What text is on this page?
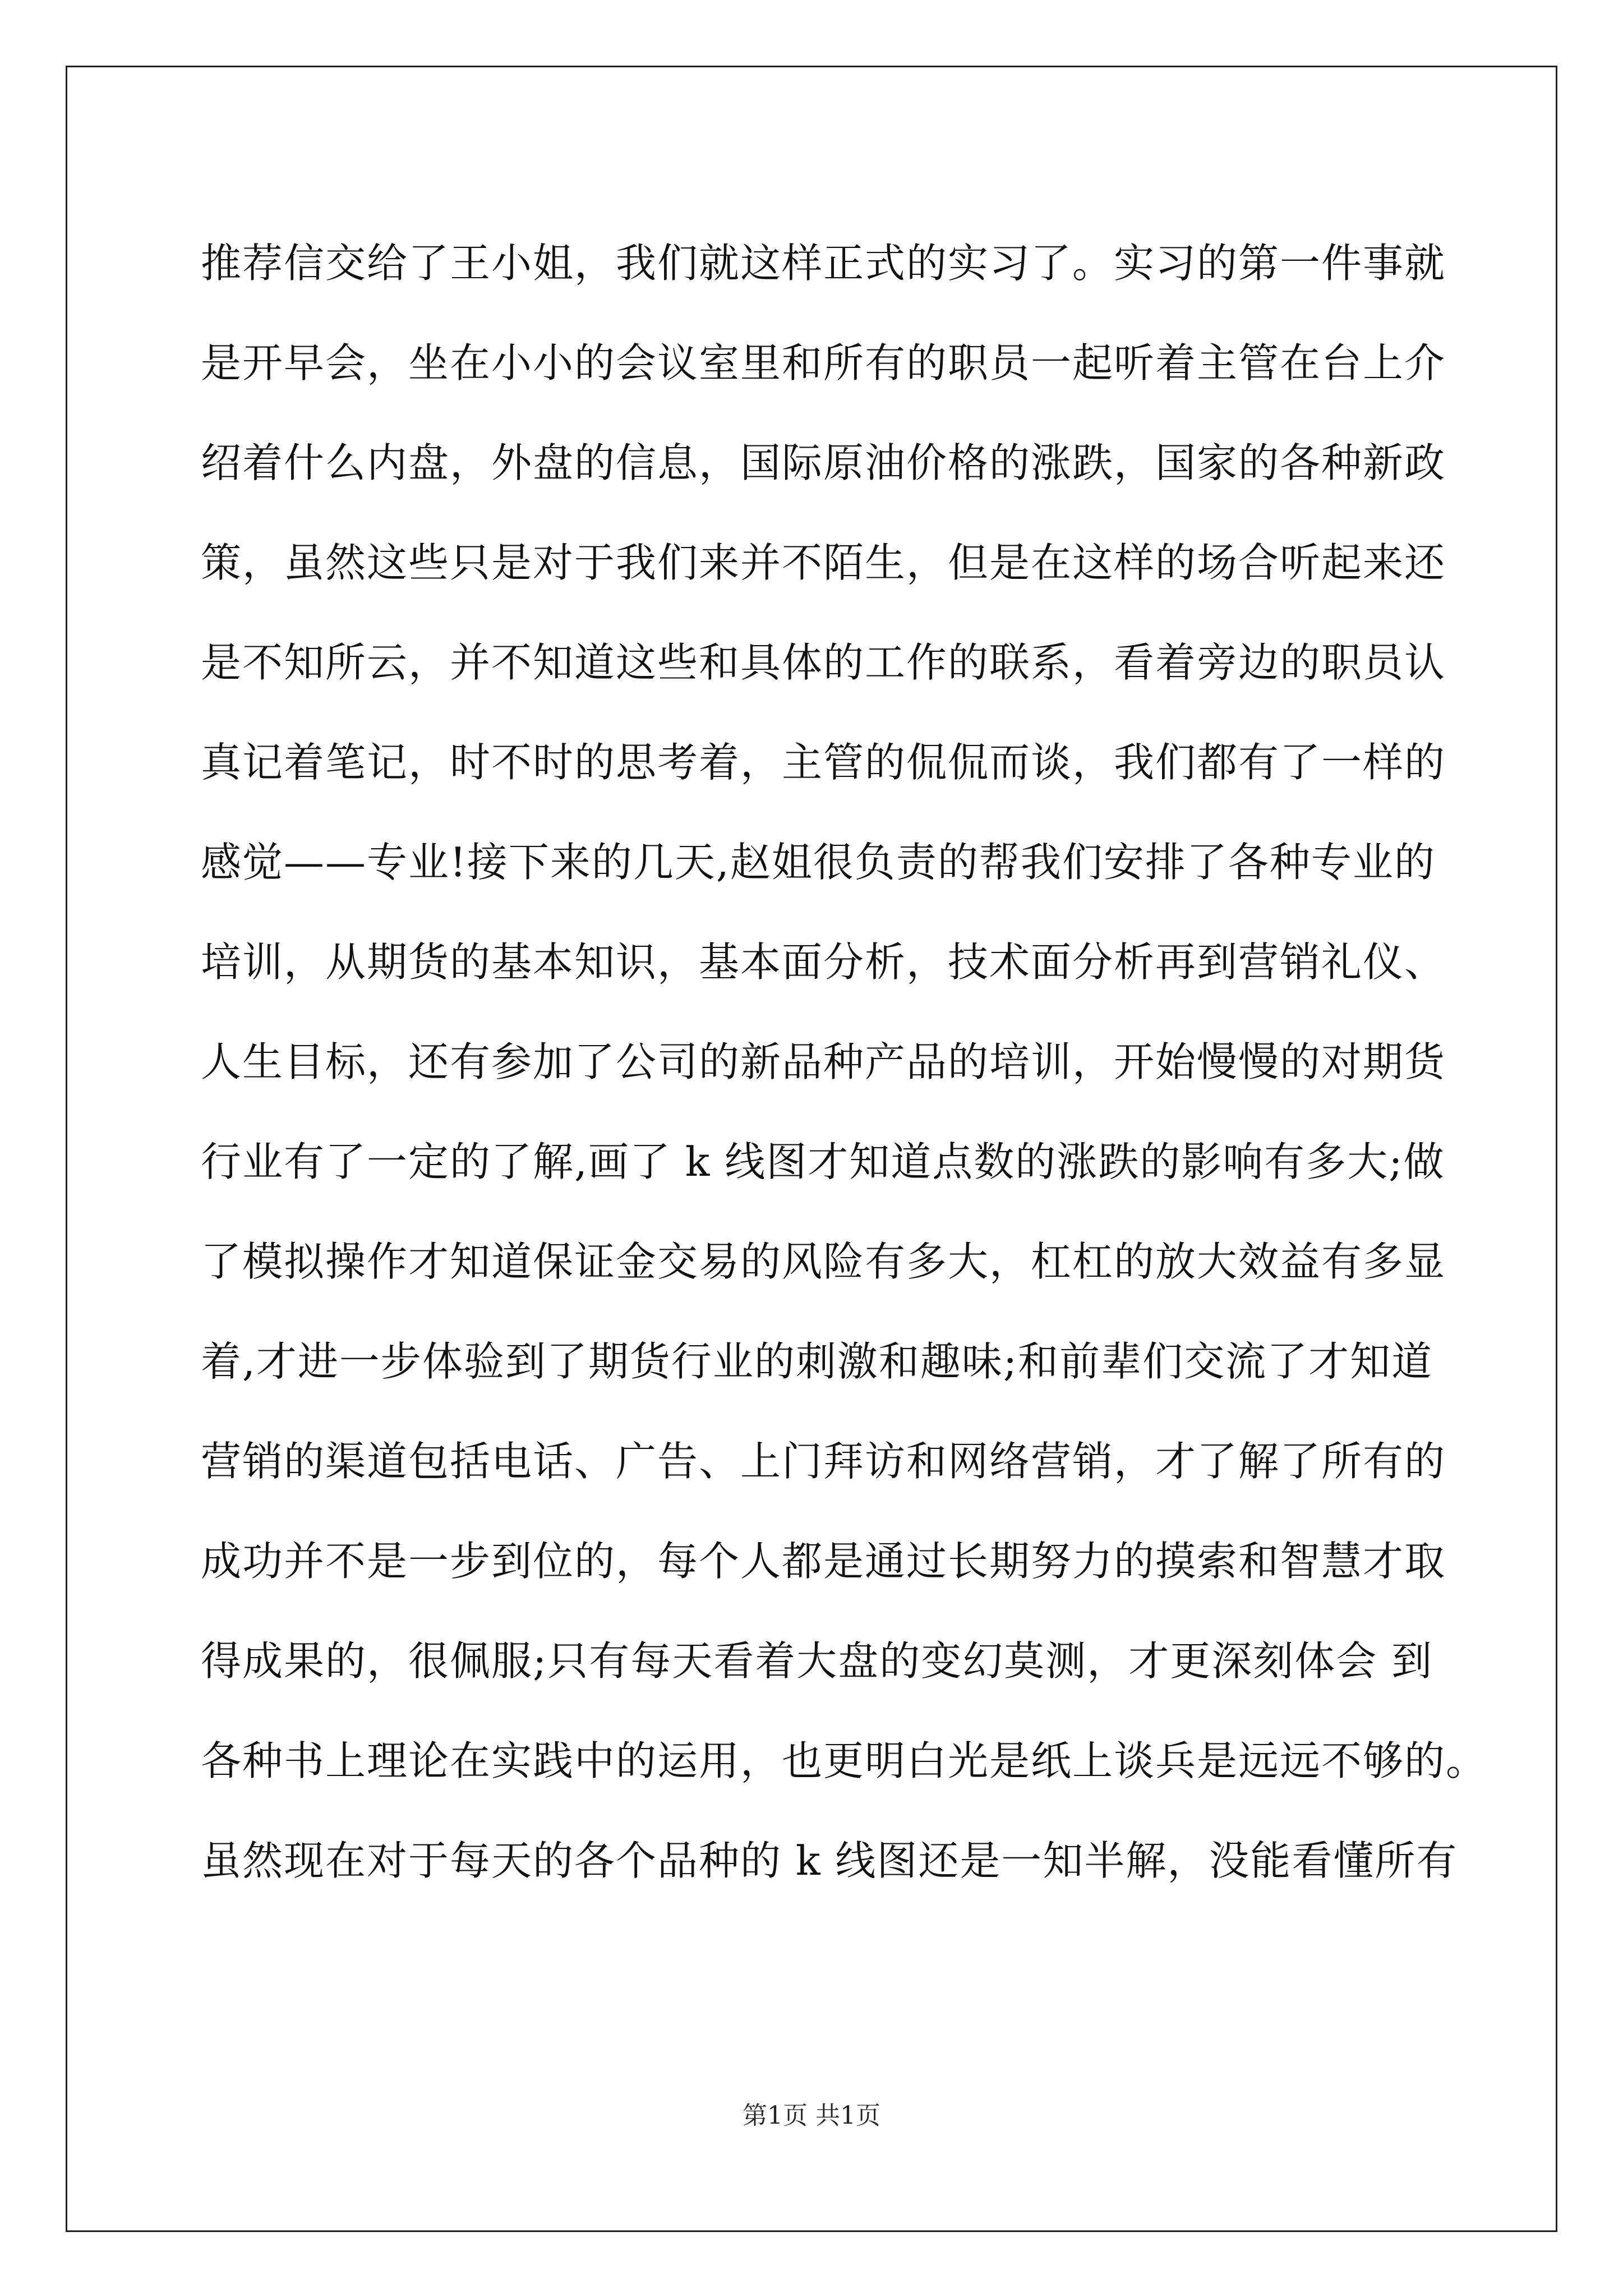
推荐信交给了王小姐，我们就这样正式的实习了。实习的第一件事就
是开早会，坐在小小的会议室里和所有的职员一起听着主管在台上介
绍着什么内盘，外盘的信息，国际原油价格的涨跌，国家的各种新政
策，虽然这些只是对于我们来并不陌生，但是在这样的场合听起来还
是不知所云，并不知道这些和具体的工作的联系，看着旁边的职员认
真记着笔记，时不时的思考着，主管的侃侃而谈，我们都有了一样的
感觉——专业!接下来的几天,赵姐很负责的帮我们安排了各种专业的
培训，从期货的基本知识，基本面分析，技术面分析再到营销礼仪、
人生目标，还有参加了公司的新品种产品的培训，开始慢慢的对期货
行业有了一定的了解,画了 k 线图才知道点数的涨跌的影响有多大;做
了模拟操作才知道保证金交易的风险有多大，杠杠的放大效益有多显
着,才进一步体验到了期货行业的刺激和趣味;和前辈们交流了才知道
营销的渠道包括电话、广告、上门拜访和网络营销，才了解了所有的
成功并不是一步到位的，每个人都是通过长期努力的摸索和智慧才取
得成果的，很佩服;只有每天看着大盘的变幻莫测，才更深刻体会 到
各种书上理论在实践中的运用，也更明白光是纸上谈兵是远远不够的。
虽然现在对于每天的各个品种的 k 线图还是一知半解，没能看懂所有
第1页 共1页
